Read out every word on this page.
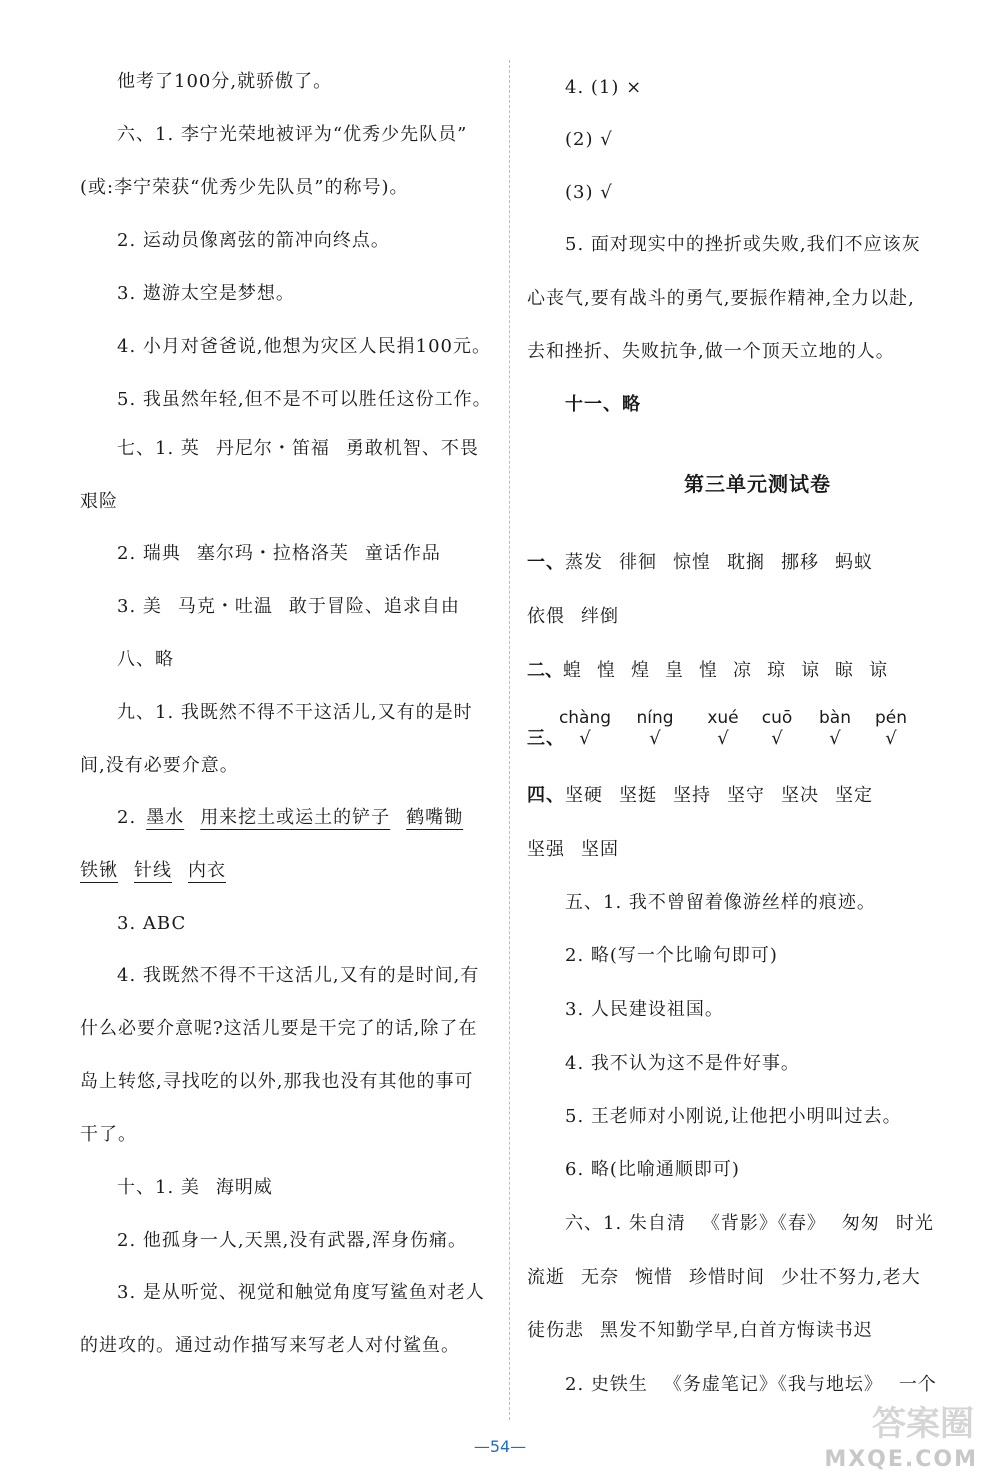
他考了100分,就骄傲了。
六、1. 李宁光荣地被评为“优秀少先队员”
(或:李宁荣获“优秀少先队员”的称号)。
2. 运动员像离弦的箭冲向终点。
3. 遨游太空是梦想。
4. 小月对爸爸说,他想为灾区人民捐100元。
5. 我虽然年轻,但不是不可以胜任这份工作。
七、1. 英 丹尼尔・笛福 勇敢机智、不畏
艰险
2. 瑞典 塞尔玛・拉格洛芙 童话作品
3. 美 马克・吐温 敢于冒险、追求自由
八、略
九、1. 我既然不得不干这活儿,又有的是时
间,没有必要介意。
2. 墨水 用来挖土或运土的铲子 鹤嘴锄
铁锹 针线 内衣
3. ABC
4. 我既然不得不干这活儿,又有的是时间,有
什么必要介意呢?这活儿要是干完了的话,除了在
岛上转悠,寻找吃的以外,那我也没有其他的事可
干了。
十、1. 美 海明威
2. 他孤身一人,天黑,没有武器,浑身伤痛。
3. 是从听觉、视觉和触觉角度写鲨鱼对老人
的进攻的。通过动作描写来写老人对付鲨鱼。
4. (1) ×
(2) √
(3) √
5. 面对现实中的挫折或失败,我们不应该灰
心丧气,要有战斗的勇气,要振作精神,全力以赴,
去和挫折、失败抗争,做一个顶天立地的人。
十一、略
第三单元测试卷
一、蒸发 徘徊 惊惶 耽搁 挪移 蚂蚁
依偎 绊倒
二、蝗 惶 煌 皇 惶 凉 琼 谅 晾 谅
三、
chàng
√
níng
√
xué
√
cuō
√
bàn
√
pén
√
四、坚硬 坚挺 坚持 坚守 坚决 坚定
坚强 坚固
五、1. 我不曾留着像游丝样的痕迹。
2. 略(写一个比喻句即可)
3. 人民建设祖国。
4. 我不认为这不是件好事。
5. 王老师对小刚说,让他把小明叫过去。
6. 略(比喻通顺即可)
六、1. 朱自清 《背影》《春》 匆匆 时光
流逝 无奈 惋惜 珍惜时间 少壮不努力,老大
徒伤悲 黑发不知勤学早,白首方悔读书迟
2. 史铁生 《务虚笔记》《我与地坛》 一个
—54—
答案圈
MXQE.COM
